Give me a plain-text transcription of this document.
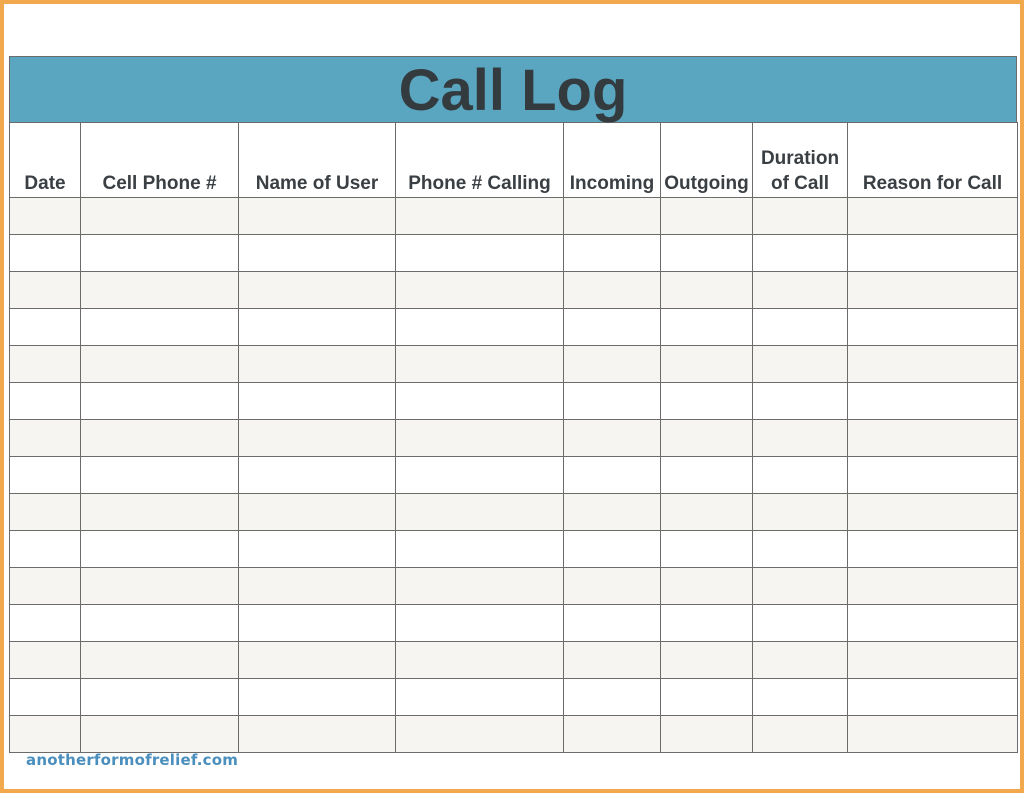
Call Log
Date	Cell Phone #	Name of User	Phone # Calling	Incoming	Outgoing	Duration of Call	Reason for Call

anotherformofrelief.com
